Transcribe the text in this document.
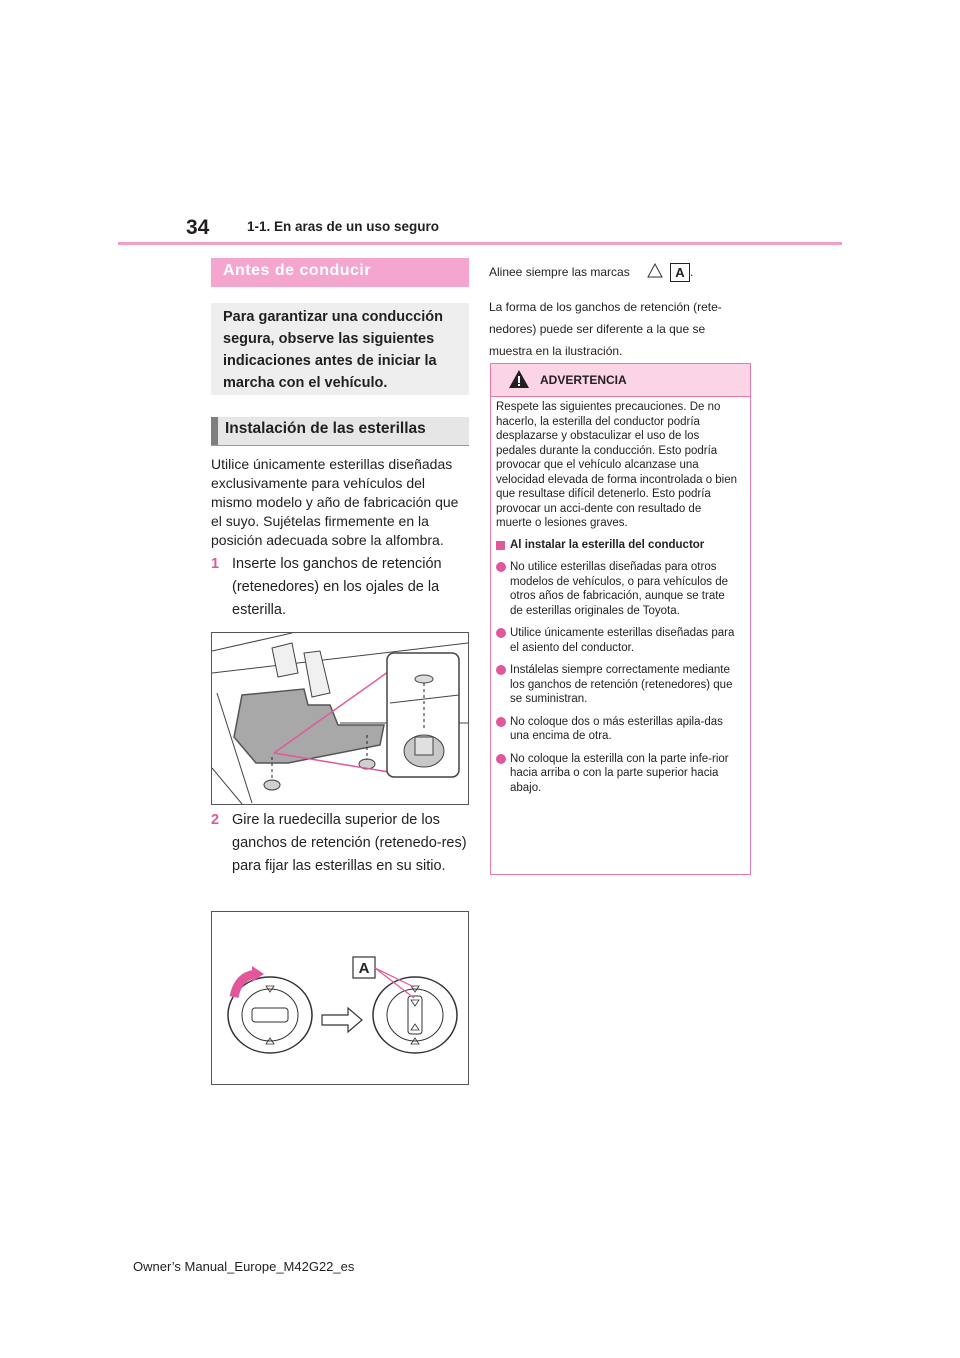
34	1-1. En aras de un uso seguro
Antes de conducir
Para garantizar una conducción segura, observe las siguientes indicaciones antes de iniciar la marcha con el vehículo.
Instalación de las esterillas
Utilice únicamente esterillas diseñadas exclusivamente para vehículos del mismo modelo y año de fabricación que el suyo. Sujételas firmemente en la posición adecuada sobre la alfombra.
1 Inserte los ganchos de retención (retenedores) en los ojales de la esterilla.
2 Gire la ruedecilla superior de los ganchos de retención (retenedo-res) para fijar las esterillas en su sitio.
A
Alinee siempre las marcas	A .
La forma de los ganchos de retención (rete-nedores) puede ser diferente a la que se muestra en la ilustración.
ADVERTENCIA
Respete las siguientes precauciones. De no hacerlo, la esterilla del conductor podría desplazarse y obstaculizar el uso de los pedales durante la conducción. Esto podría provocar que el vehículo alcanzase una velocidad elevada de forma incontrolada o bien que resultase difícil detenerlo. Esto podría provocar un acci-dente con resultado de muerte o lesiones graves.
Al instalar la esterilla del conductor
No utilice esterillas diseñadas para otros modelos de vehículos, o para vehículos de otros años de fabricación, aunque se trate de esterillas originales de Toyota.
Utilice únicamente esterillas diseñadas para el asiento del conductor.
Instálelas siempre correctamente mediante los ganchos de retención (retenedores) que se suministran.
No coloque dos o más esterillas apila-das una encima de otra.
No coloque la esterilla con la parte infe-rior hacia arriba o con la parte superior hacia abajo.
Owner’s Manual_Europe_M42G22_es
